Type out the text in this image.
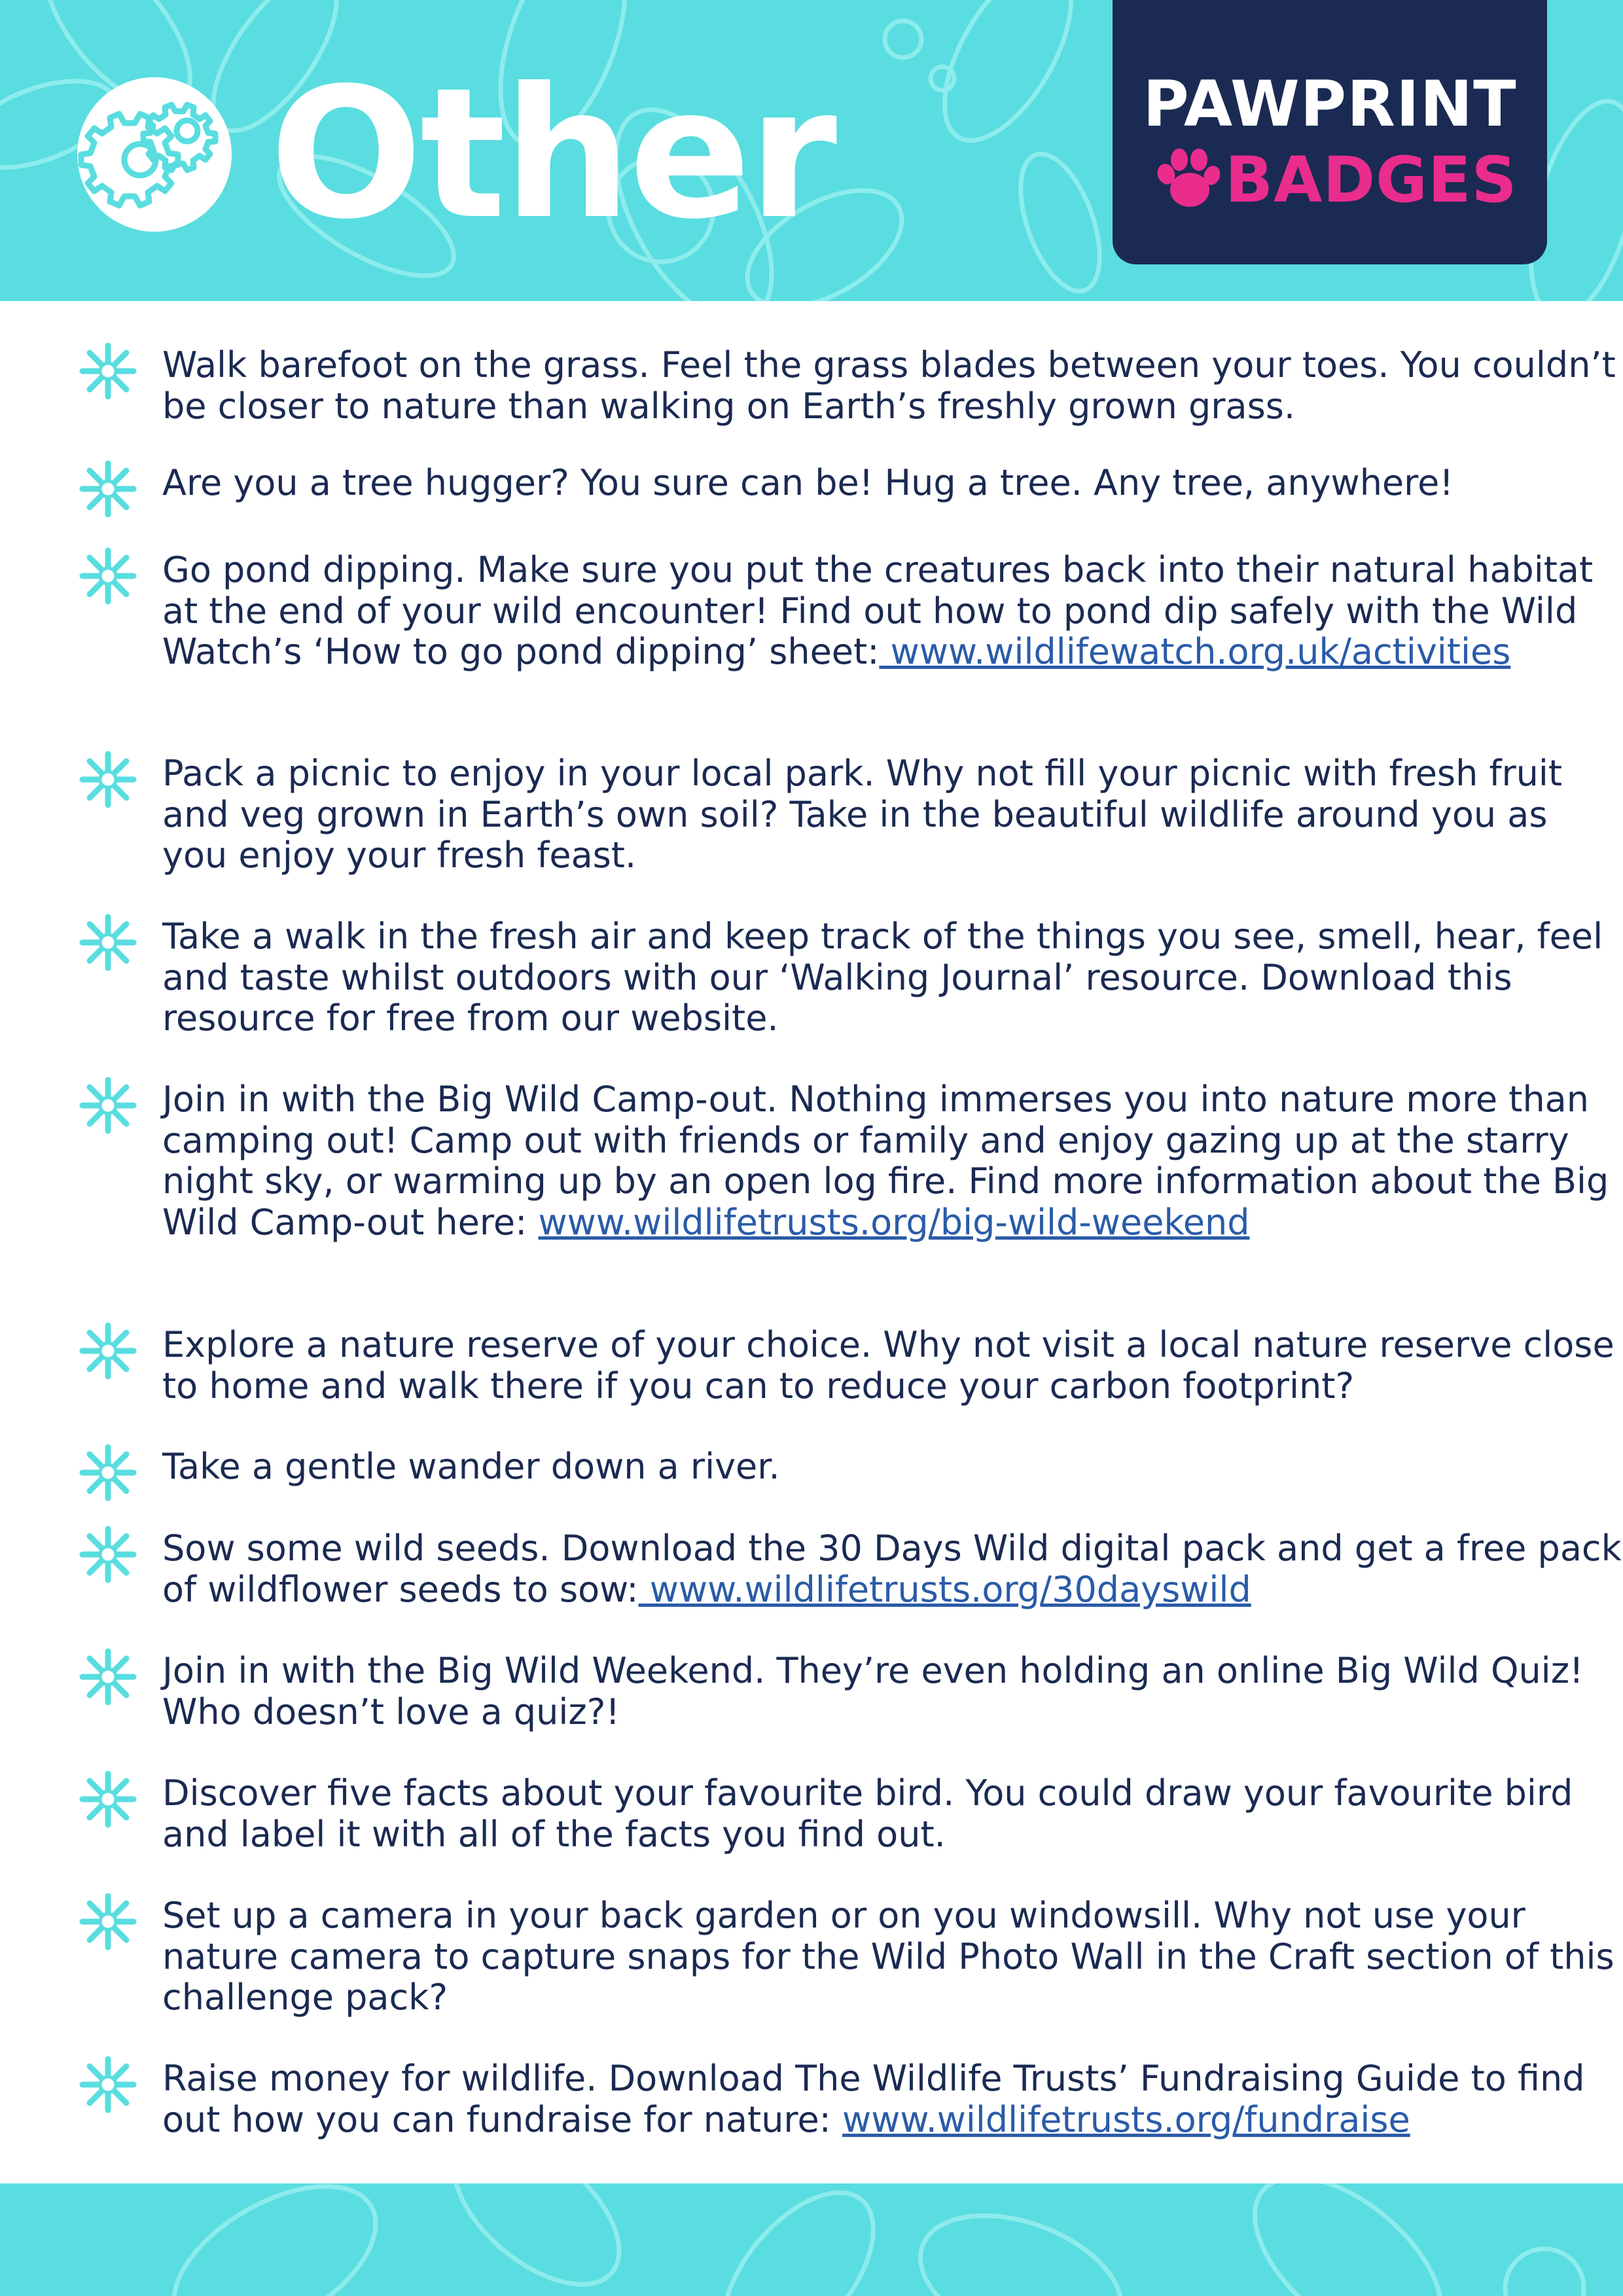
Other	PAWPRINT
BADGES

Walk barefoot on the grass. Feel the grass blades between your toes. You couldn’t be closer to nature than walking on Earth’s freshly grown grass.

Are you a tree hugger? You sure can be! Hug a tree. Any tree, anywhere!

Go pond dipping. Make sure you put the creatures back into their natural habitat at the end of your wild encounter! Find out how to pond dip safely with the Wild Watch’s ‘How to go pond dipping’ sheet: www.wildlifewatch.org.uk/activities

Pack a picnic to enjoy in your local park. Why not fill your picnic with fresh fruit and veg grown in Earth’s own soil? Take in the beautiful wildlife around you as you enjoy your fresh feast.

Take a walk in the fresh air and keep track of the things you see, smell, hear, feel and taste whilst outdoors with our ‘Walking Journal’ resource. Download this resource for free from our website.

Join in with the Big Wild Camp-out. Nothing immerses you into nature more than camping out! Camp out with friends or family and enjoy gazing up at the starry night sky, or warming up by an open log fire. Find more information about the Big Wild Camp-out here: www.wildlifetrusts.org/big-wild-weekend

Explore a nature reserve of your choice. Why not visit a local nature reserve close to home and walk there if you can to reduce your carbon footprint?

Take a gentle wander down a river.

Sow some wild seeds. Download the 30 Days Wild digital pack and get a free pack of wildflower seeds to sow: www.wildlifetrusts.org/30dayswild

Join in with the Big Wild Weekend. They’re even holding an online Big Wild Quiz! Who doesn’t love a quiz?!

Discover five facts about your favourite bird. You could draw your favourite bird and label it with all of the facts you find out.

Set up a camera in your back garden or on you windowsill. Why not use your nature camera to capture snaps for the Wild Photo Wall in the Craft section of this challenge pack?

Raise money for wildlife. Download The Wildlife Trusts’ Fundraising Guide to find out how you can fundraise for nature: www.wildlifetrusts.org/fundraise
